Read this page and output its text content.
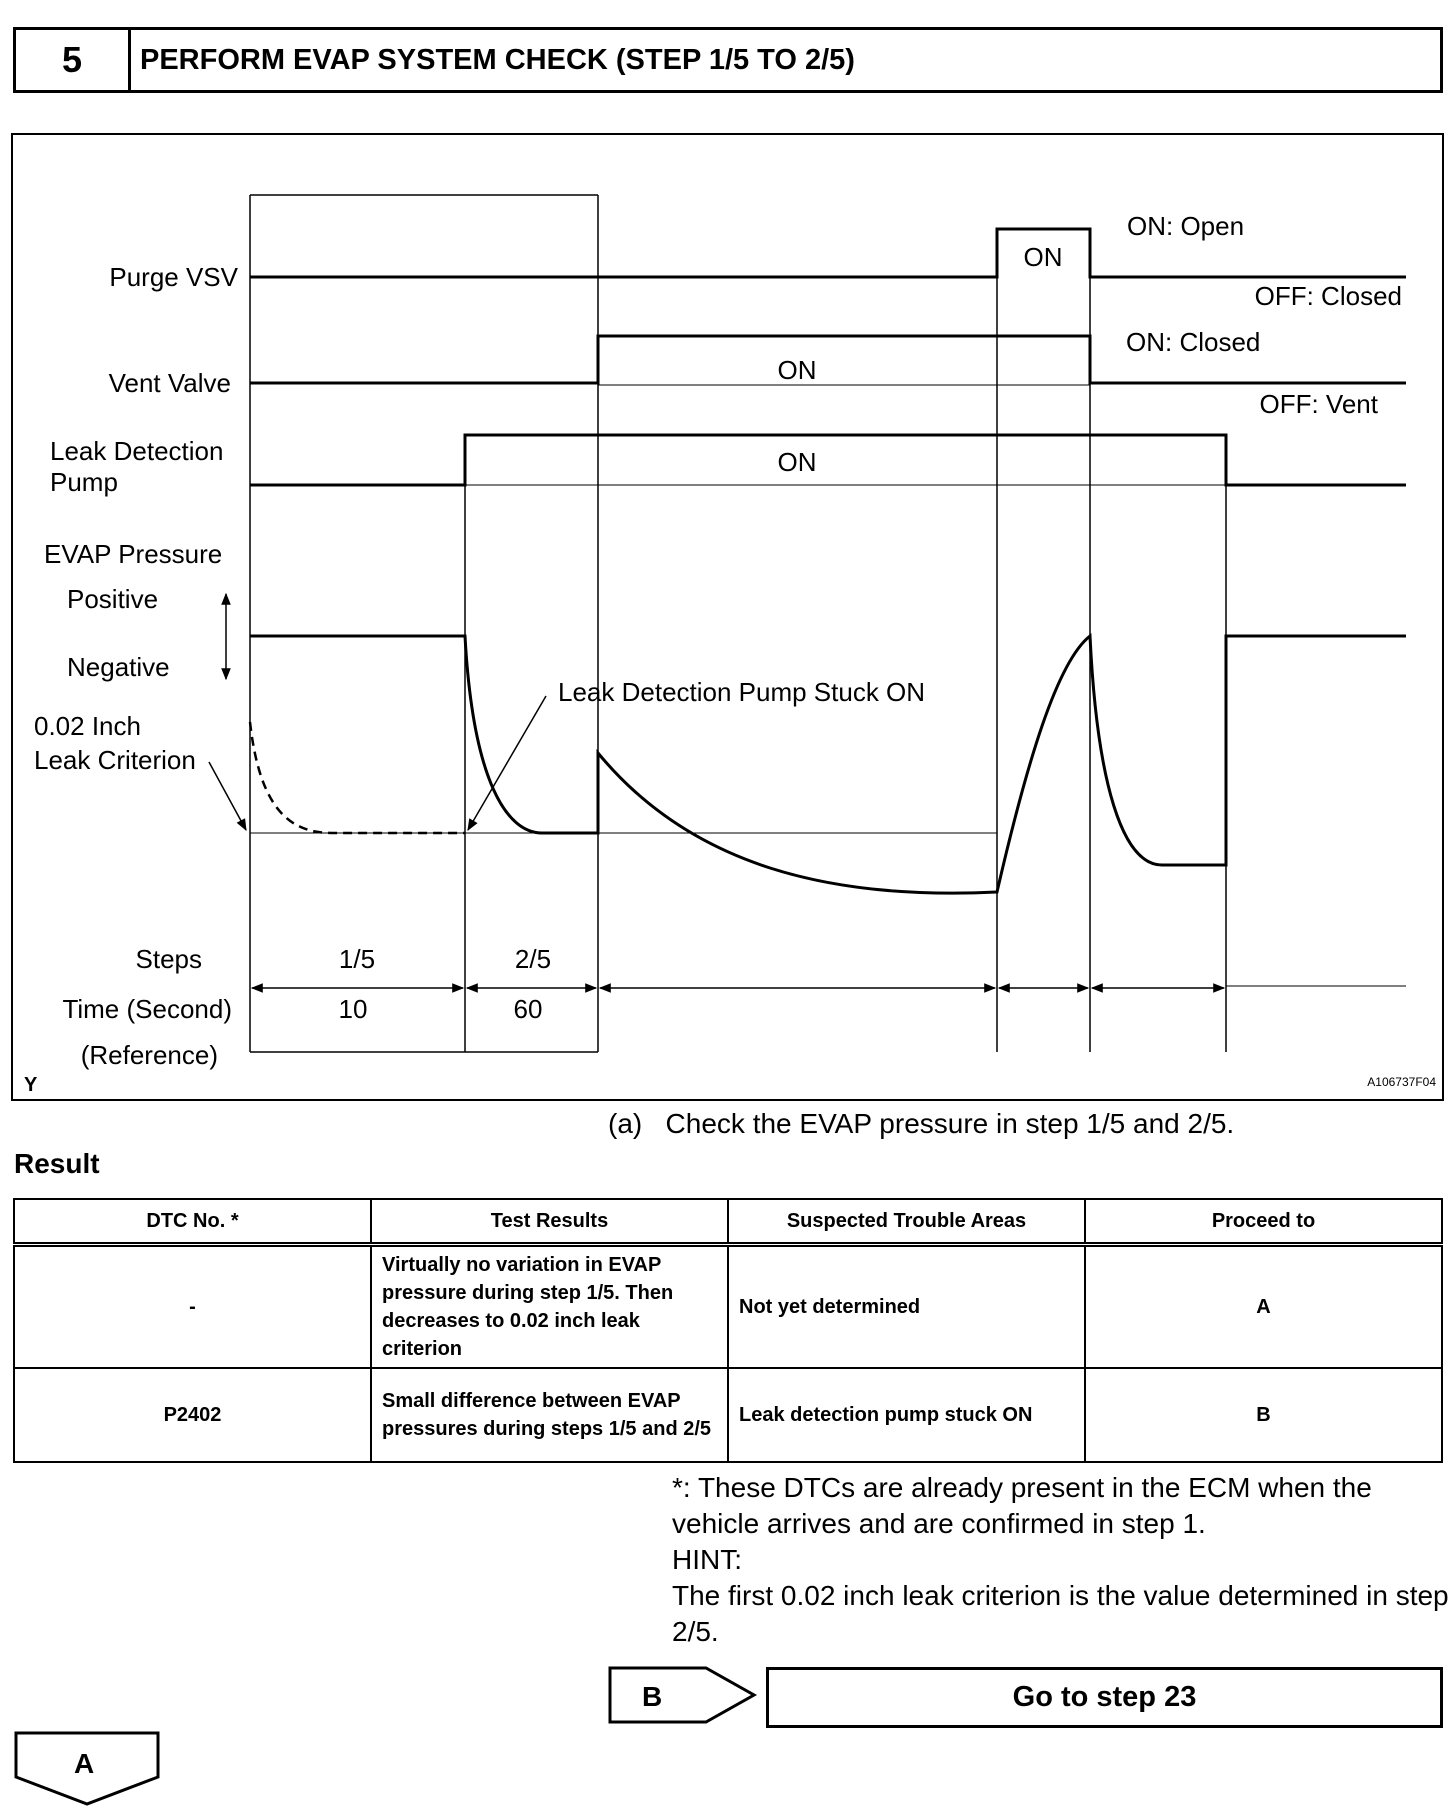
5	PERFORM EVAP SYSTEM CHECK (STEP 1/5 TO 2/5)
Purge VSV
Vent Valve
Leak Detection
Pump
EVAP Pressure
Positive
Negative
0.02 Inch
Leak Criterion
ON
ON: Open
OFF: Closed
ON
ON: Closed
OFF: Vent
ON
Leak Detection Pump Stuck ON
Steps	1/5	2/5
Time (Second)	10	60
(Reference)
Y	A106737F04
(a)   Check the EVAP pressure in step 1/5 and 2/5.
Result
DTC No. *	Test Results	Suspected Trouble Areas	Proceed to
-	Virtually no variation in EVAP pressure during step 1/5. Then decreases to 0.02 inch leak criterion	Not yet determined	A
P2402	Small difference between EVAP pressures during steps 1/5 and 2/5	Leak detection pump stuck ON	B
*: These DTCs are already present in the ECM when the vehicle arrives and are confirmed in step 1.
HINT:
The first 0.02 inch leak criterion is the value determined in step 2/5.
B	Go to step 23
A
